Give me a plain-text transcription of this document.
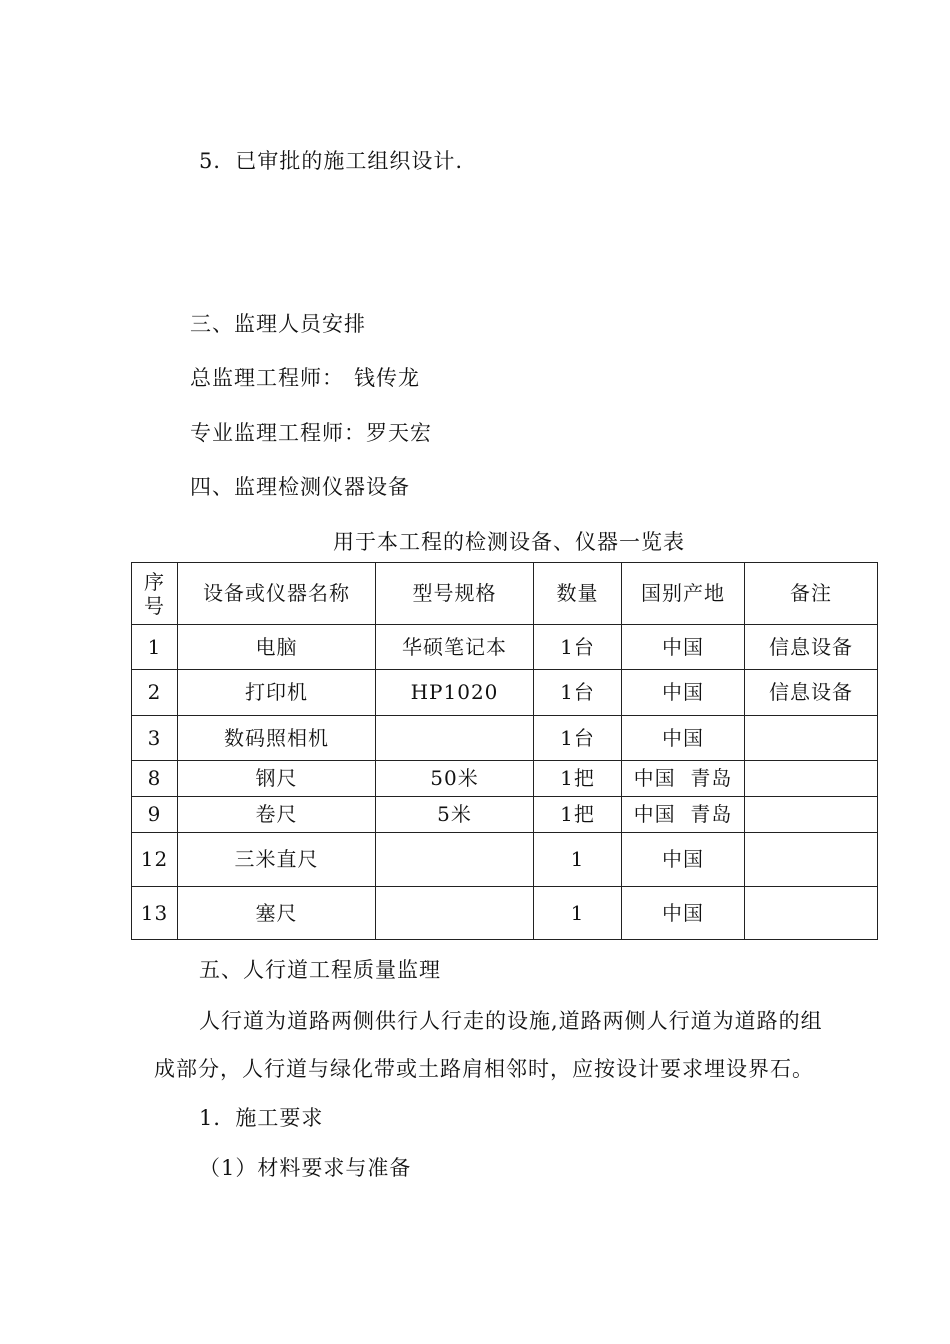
5．已审批的施工组织设计.
三、监理人员安排
总监理工程师： 钱传龙
专业监理工程师：罗天宏
四、监理检测仪器设备
用于本工程的检测设备、仪器一览表
序号	设备或仪器名称	型号规格	数量	国别产地	备注
1	电脑	华硕笔记本	1台	中国	信息设备
2	打印机	HP1020	1台	中国	信息设备
3	数码照相机		1台	中国	
8	钢尺	50米	1把	中国  青岛	
9	卷尺	5米	1把	中国  青岛	
12	三米直尺		1	中国	
13	塞尺		1	中国	
五、人行道工程质量监理
人行道为道路两侧供行人行走的设施,道路两侧人行道为道路的组
成部分，人行道与绿化带或土路肩相邻时，应按设计要求埋设界石。
1．施工要求
（1）材料要求与准备
